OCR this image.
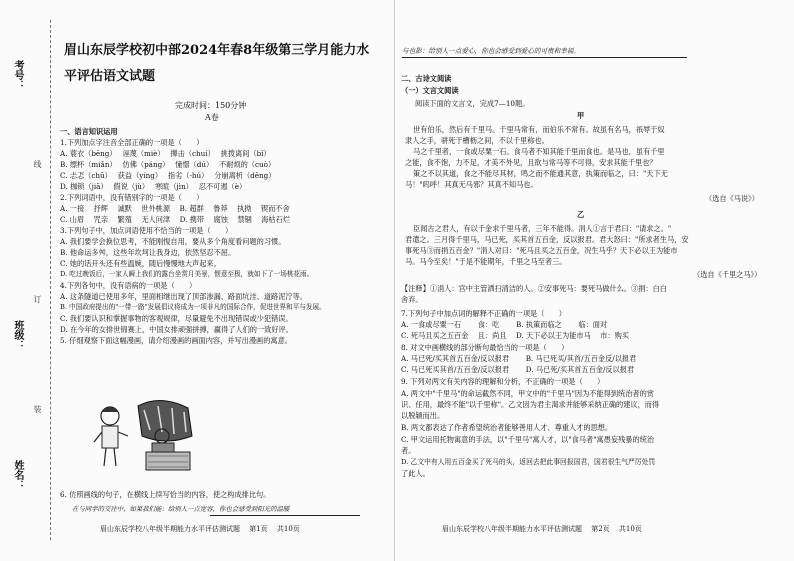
考号：
班级：
姓名：
线
订
装
眉山东辰学校初中部2024年春8年级第三学月能力水
平评估语文试题
完成时间：150分钟
A卷
一、语言知识运用
1.下列加点字注音全部正确的一项是（　　）
A. 蓑衣（bēng）　 诬蔑（miè）　 撵击（chuí）　 挑拨离间（bǐ）
B. 缥杯（miǎn）　 仿佛（páng）　 憧憬（dú）　 不耐烦的（cuò）
C. 忐忑（chū）　 获益（yíng）　 指劣（-hú）　 分崩离析（dēng）
D. 枷锁（jiā）　 假说（jù）　 寒暄（jìn）　 忍不可遏（è）
2.下列词语中，没有错别字的一项是（　　）
A. 一接　 抒辉　 诚默　 世外桃源　 B. 超群　 鲁莽　 执拗　 锲而不舍
C. 山眉　 咒亲　 繁殖　 无人问津　 D. 携带　 腐蚀　 禁锢　 海枯石烂
3.下列句子中，加点词语使用不恰当的一项是（　　）
A. 我们要学会换位思考，不能刚愎自用，要从多个角度看问题的习惯。
B. 他命运多舛，这些年坎坷让我身边，依然坚忍不屈。
C. 她的话开头还有些温婉，随后慢慢地大声起来。
D. 吃过晚饭后，一家人瞬上我们的露台坐赏月美景，惬意至极，就如下了一场桃花雨。
4.下列各句中，没有语病的一项是（　　）
A. 这条隧道已使用多年，里面相继出现了顶部渗漏、路面坑洼、道路泥泞等。
B. 中国政府提出的"一带一路"发展倡议将成为一项非凡的国际合作，促进世界和平与发展。
C. 我们要认识和掌握事物的客观规律，尽量避免不出现错误或少犯错误。
D. 在今年的女排世锦赛上，中国女排顽强拼搏，赢得了人们的一致好评。
5. 仔细观察下面这幅漫画，请介绍漫画的画面内容，并写出漫画的寓意。
6. 仿照画线的句子，在横线上续写恰当的内容，使之构成排比句。
在与同学的交往中，如果我们能：给别人一点宽容，你也会感受到阳光的温暖
眉山东辰学校八年级半期能力水平评估测试题　 第1页　 共10页
与也影：给别人一点爱心，你也会感受到爱心的可贵和幸福。
二、古诗文阅读
（一）文言文阅读
阅读下面的文言文，完成7—10题。
甲
世有伯乐，然后有千里马。千里马常有，而伯乐不常有。故虽有名马，祇辱于奴
隶人之手，骈死于槽枥之间，不以千里称也。
马之千里者，一食或尽粟一石。食马者不知其能千里而食也。是马也，虽有千里
之能，食不饱，力不足，才美不外见，且欲与常马等不可得，安求其能千里也？
策之不以其道，食之不能尽其材，鸣之而不能通其意，执策而临之，曰："天下无
马！"呜呼！其真无马邪？其真不知马也。
（选自《马说》）
乙
臣闻古之君人，有以千金求千里马者，三年不能得。涓人①言于君曰："请求之。"
君遣之。三月得千里马，马已死，买其首五百金，反以报君。君大怒曰："所求者生马，安
事死马③而捐五百金？"涓人对曰："死马且买之五百金，况生马乎？天下必以王为能市
马。马今至矣！"于是不能期年，千里之马至者三。
（选自《千里之马》）
【注释】①涓人：宫中主管洒扫清洁的人。②安事死马：要死马做什么。③捐：白白
舍弃。
7.下列句子中加点词的解释不正确的一项是（　　）
A. 一食或尽粟一石　　 食：吃　　 B. 执策而临之　　 临：面对
C. 死马且买之五百金　 且：尚且　 D. 天下必以王为能市马　 市：购买
8. 对文中画横线的部分断句最恰当的一项是（　　）
A. 马已死/买其首五百金/反以报君　　 B. 马已死买/其首/五百金反/以报君
C. 马已死买其首/五百金/反以报君　　 D. 马已死/买其首五百金/反以报君
9. 下列对两文有关内容的理解和分析，不正确的一项是（　　）
A. 两文中"千里马"的命运截然不同，甲文中的"千里马"因为不能得到统治者的赏
识、任用，最终不能"以千里称"。乙文因为君主渴求并能够采纳正确的建议，而得
以脱颖而出。
B. 两文都表达了作者希望统治者能够善用人才、尊重人才的思想。
C. 甲文运用托物寓意的手法，以"千里马"寓人才，以"食马者"寓愚妄残暴的统治
者。
D. 乙文中有人用五百金买了死马的头，返回去把此事回报国君，国君很生气严厉处罚
了此人。
眉山东辰学校八年级半期能力水平评估测试题　 第2页　 共10页
